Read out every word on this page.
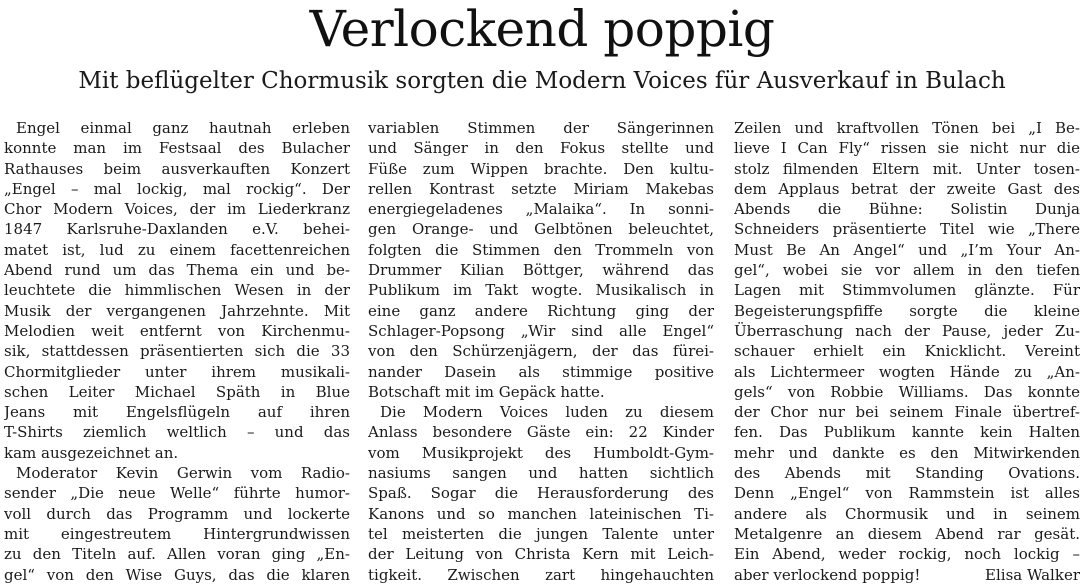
Verlockend poppig
Mit beflügelter Chormusik sorgten die Modern Voices für Ausverkauf in Bulach
Engel einmal ganz hautnah erleben
konnte man im Festsaal des Bulacher
Rathauses beim ausverkauften Konzert
„Engel – mal lockig, mal rockig“. Der
Chor Modern Voices, der im Liederkranz
1847 Karlsruhe-Daxlanden e.V. behei-
matet ist, lud zu einem facettenreichen
Abend rund um das Thema ein und be-
leuchtete die himmlischen Wesen in der
Musik der vergangenen Jahrzehnte. Mit
Melodien weit entfernt von Kirchenmu-
sik, stattdessen präsentierten sich die 33
Chormitglieder unter ihrem musikali-
schen Leiter Michael Späth in Blue
Jeans mit Engelsflügeln auf ihren
T-Shirts ziemlich weltlich – und das
kam ausgezeichnet an.
Moderator Kevin Gerwin vom Radio-
sender „Die neue Welle“ führte humor-
voll durch das Programm und lockerte
mit eingestreutem Hintergrundwissen
zu den Titeln auf. Allen voran ging „En-
gel“ von den Wise Guys, das die klaren
variablen Stimmen der Sängerinnen
und Sänger in den Fokus stellte und
Füße zum Wippen brachte. Den kultu-
rellen Kontrast setzte Miriam Makebas
energiegeladenes „Malaika“. In sonni-
gen Orange- und Gelbtönen beleuchtet,
folgten die Stimmen den Trommeln von
Drummer Kilian Böttger, während das
Publikum im Takt wogte. Musikalisch in
eine ganz andere Richtung ging der
Schlager-Popsong „Wir sind alle Engel“
von den Schürzenjägern, der das fürei-
nander Dasein als stimmige positive
Botschaft mit im Gepäck hatte.
Die Modern Voices luden zu diesem
Anlass besondere Gäste ein: 22 Kinder
vom Musikprojekt des Humboldt-Gym-
nasiums sangen und hatten sichtlich
Spaß. Sogar die Herausforderung des
Kanons und so manchen lateinischen Ti-
tel meisterten die jungen Talente unter
der Leitung von Christa Kern mit Leich-
tigkeit. Zwischen zart hingehauchten
Zeilen und kraftvollen Tönen bei „I Be-
lieve I Can Fly“ rissen sie nicht nur die
stolz filmenden Eltern mit. Unter tosen-
dem Applaus betrat der zweite Gast des
Abends die Bühne: Solistin Dunja
Schneiders präsentierte Titel wie „There
Must Be An Angel“ und „I’m Your An-
gel“, wobei sie vor allem in den tiefen
Lagen mit Stimmvolumen glänzte. Für
Begeisterungspfiffe sorgte die kleine
Überraschung nach der Pause, jeder Zu-
schauer erhielt ein Knicklicht. Vereint
als Lichtermeer wogten Hände zu „An-
gels“ von Robbie Williams. Das konnte
der Chor nur bei seinem Finale übertref-
fen. Das Publikum kannte kein Halten
mehr und dankte es den Mitwirkenden
des Abends mit Standing Ovations.
Denn „Engel“ von Rammstein ist alles
andere als Chormusik und in seinem
Metalgenre an diesem Abend rar gesät.
Ein Abend, weder rockig, noch lockig –
aber verlockend poppig!	Elisa Walker
